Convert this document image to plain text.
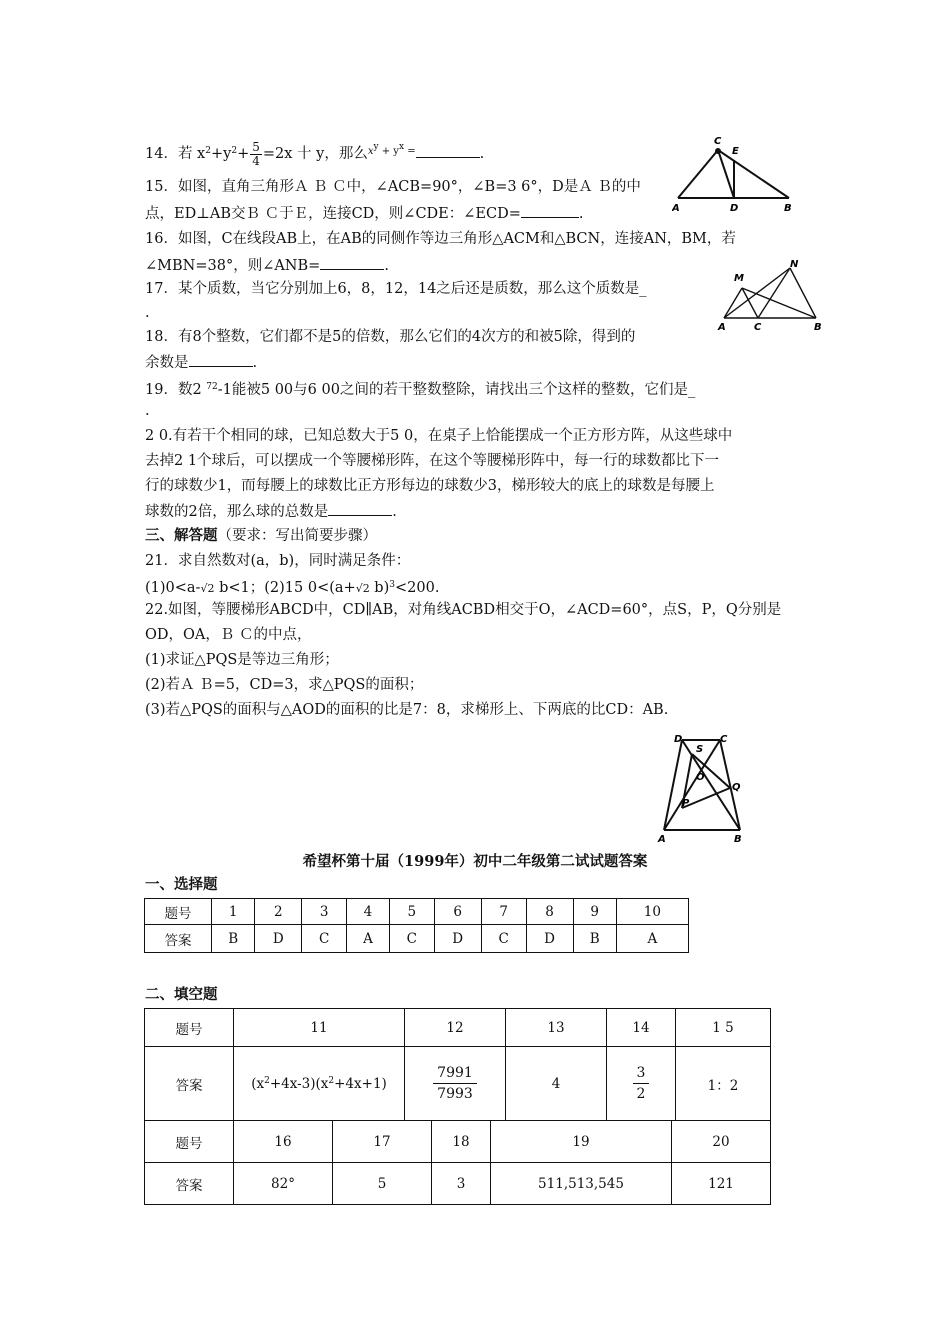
14．若 $x^2+y^2+ \frac{5}{4} =2x$ 十 y，那么$^{x^y + y^x =}$	.
15．如图，直角三角形Ａ Ｂ Ｃ中，∠ACB=90°，∠B=3 6°，D是Ａ Ｂ的中
点，ED⊥AB交Ｂ Ｃ于Ｅ，连接CD，则∠CDE：∠ECD=	.
16．如图，C在线段AB上，在AB的同侧作等边三角形△ACM和△BCN，连接AN，BM，若
∠MBN=38°，则∠ANB=	.
17．某个质数，当它分别加上6，8，12，14之后还是质数，那么这个质数是_
.
18．有8个整数，它们都不是5的倍数，那么它们的4次方的和被5除，得到的
余数是	.
19．数2 $^{72}$-1能被5 00与6 00之间的若干整数整除，请找出三个这样的整数，它们是_
.
2 0.有若干个相同的球，已知总数大于5 0，在桌子上恰能摆成一个正方形方阵，从这些球中
去掉2 1个球后，可以摆成一个等腰梯形阵，在这个等腰梯形阵中，每一行的球数都比下一
行的球数少1，而每腰上的球数比正方形每边的球数少3，梯形较大的底上的球数是每腰上
球数的2倍，那么球的总数是	.
三、解答题（要求：写出简要步骤）
21．求自然数对(a，b)，同时满足条件：
(1)0<a-√2 b<1；(2)15 0<(a+√2 b)$^3$<200.
22.如图，等腰梯形ABCD中，CD∥AB，对角线ACBD相交于O，∠ACD=60°，点S，P，Q分别是
OD，OA，Ｂ Ｃ的中点，
(1)求证△PQS是等边三角形；
(2)若Ａ Ｂ=5，CD=3，求△PQS的面积；
(3)若△PQS的面积与△AOD的面积的比是7：8，求梯形上、下两底的比CD：AB.
C
E
A	D	B
M
N
A	C	B
D	C
S
O
Q
P
A	B
希望杯第十届（1999年）初中二年级第二试试题答案
一、选择题
题号	1	2	3	4	5	6	7	8	9	10
答案	B	D	C	A	C	D	C	D	B	A
二、填空题
题号	11	12	13	14	1 5
答案	$(x^2+4x-3)(x^2+4x+1)$	$\frac{7991}{7993}$	4	$\frac{3}{2}$	1：2
题号	16	17	18	19	20
答案	82°	5	3	511,513,545	121
